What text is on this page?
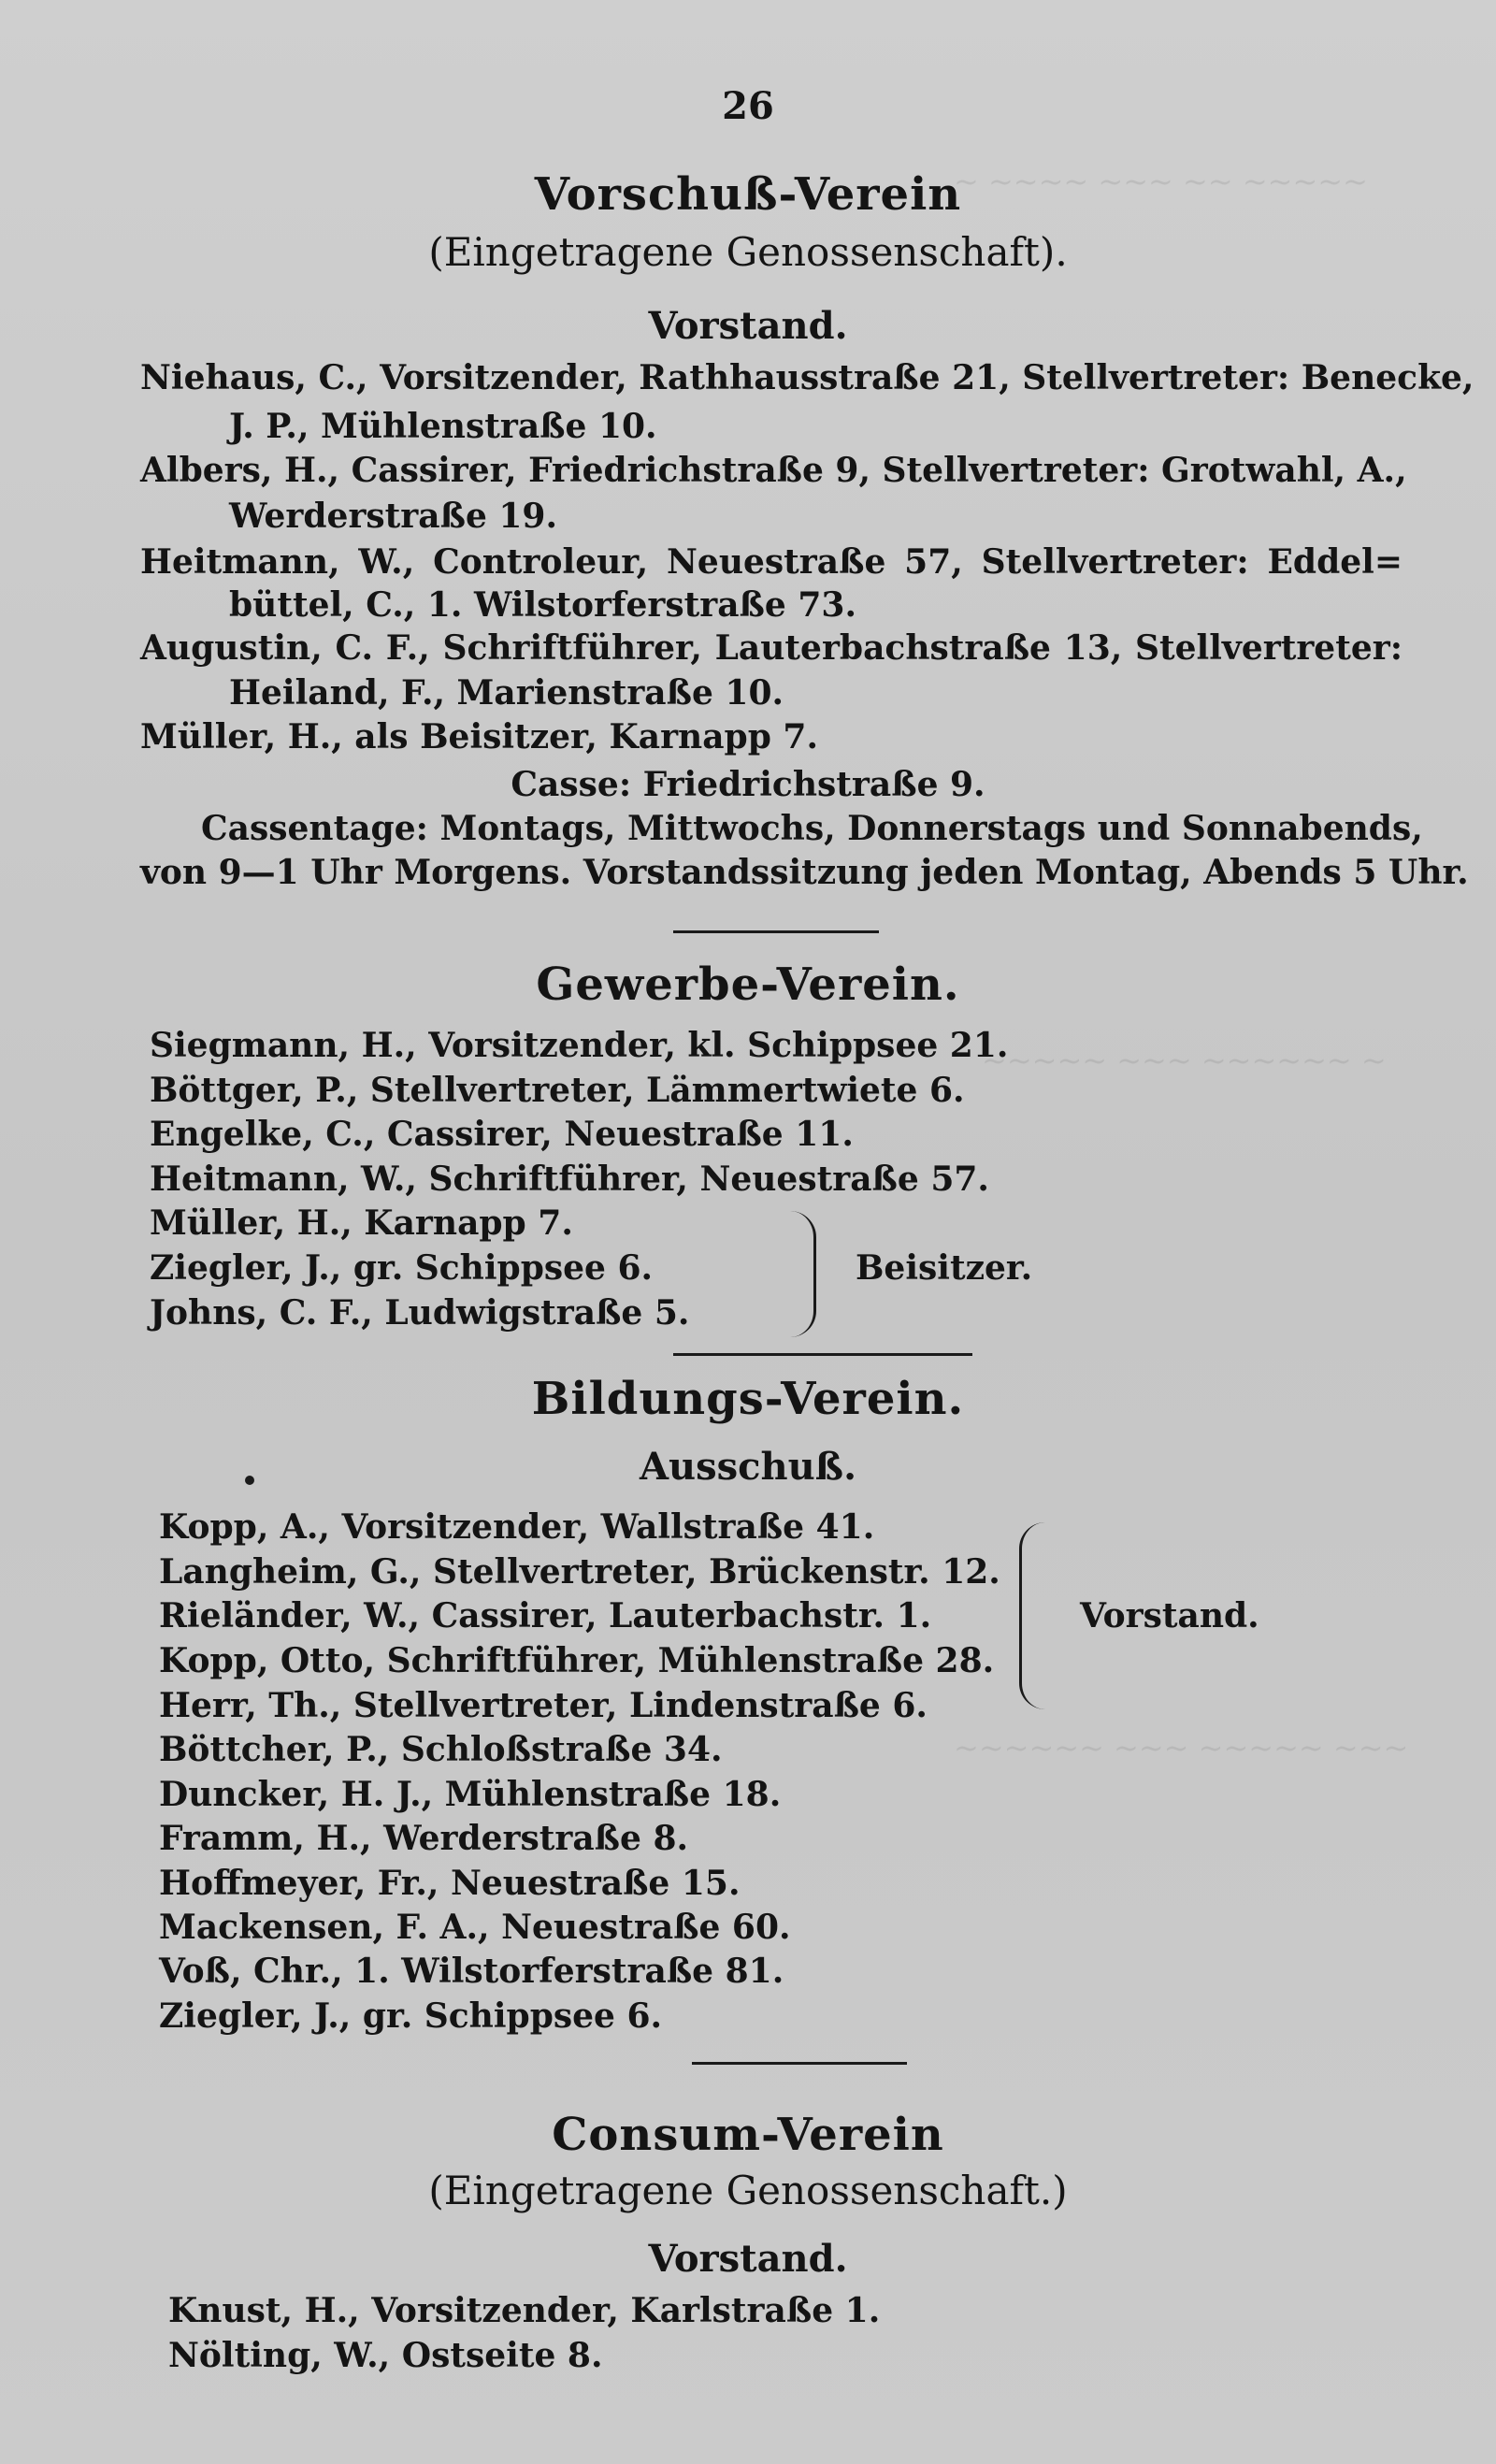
~ ~~~~ ~~~ ~~ ~~~~~
~~~~~ ~~~ ~~~~~~ ~
~~~~~~ ~~~ ~~~~~ ~~~
26
Vorschuß-Verein
(Eingetragene Genossenschaft).
Vorstand.
Niehaus, C., Vorsitzender, Rathhausstraße 21, Stellvertreter: Benecke,
J. P., Mühlenstraße 10.
Albers, H., Cassirer, Friedrichstraße 9, Stellvertreter: Grotwahl, A.,
Werderstraße 19.
Heitmann, W., Controleur, Neuestraße 57, Stellvertreter: Eddel=
büttel, C., 1. Wilstorferstraße 73.
Augustin, C. F., Schriftführer, Lauterbachstraße 13, Stellvertreter:
Heiland, F., Marienstraße 10.
Müller, H., als Beisitzer, Karnapp 7.
Casse: Friedrichstraße 9.
Cassentage: Montags, Mittwochs, Donnerstags und Sonnabends,
von 9—1 Uhr Morgens. Vorstandssitzung jeden Montag, Abends 5 Uhr.
Gewerbe-Verein.
Siegmann, H., Vorsitzender, kl. Schippsee 21.
Böttger, P., Stellvertreter, Lämmertwiete 6.
Engelke, C., Cassirer, Neuestraße 11.
Heitmann, W., Schriftführer, Neuestraße 57.
Müller, H., Karnapp 7.
Ziegler, J., gr. Schippsee 6.
Johns, C. F., Ludwigstraße 5.
Beisitzer.
Bildungs-Verein.
Ausschuß.
Kopp, A., Vorsitzender, Wallstraße 41.
Langheim, G., Stellvertreter, Brückenstr. 12.
Rieländer, W., Cassirer, Lauterbachstr. 1.
Kopp, Otto, Schriftführer, Mühlenstraße 28.
Herr, Th., Stellvertreter, Lindenstraße 6.
Böttcher, P., Schloßstraße 34.
Duncker, H. J., Mühlenstraße 18.
Framm, H., Werderstraße 8.
Hoffmeyer, Fr., Neuestraße 15.
Mackensen, F. A., Neuestraße 60.
Voß, Chr., 1. Wilstorferstraße 81.
Ziegler, J., gr. Schippsee 6.
Vorstand.
Consum-Verein
(Eingetragene Genossenschaft.)
Vorstand.
Knust, H., Vorsitzender, Karlstraße 1.
Nölting, W., Ostseite 8.
